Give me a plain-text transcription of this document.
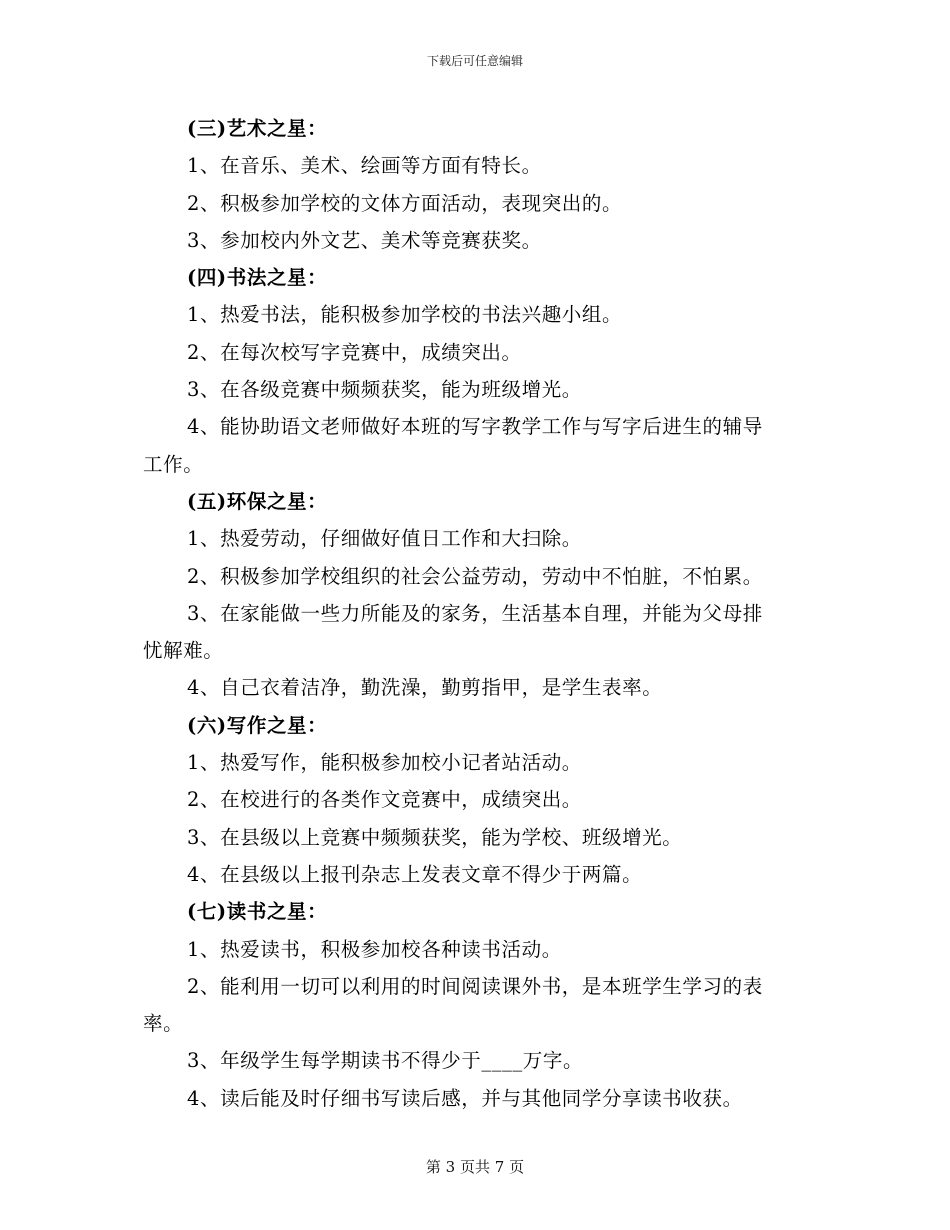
下载后可任意编辑
(三)艺术之星：
1、在音乐、美术、绘画等方面有特长。
2、积极参加学校的文体方面活动，表现突出的。
3、参加校内外文艺、美术等竞赛获奖。
(四)书法之星：
1、热爱书法，能积极参加学校的书法兴趣小组。
2、在每次校写字竞赛中，成绩突出。
3、在各级竞赛中频频获奖，能为班级增光。
4、能协助语文老师做好本班的写字教学工作与写字后进生的辅导
工作。
(五)环保之星：
1、热爱劳动，仔细做好值日工作和大扫除。
2、积极参加学校组织的社会公益劳动，劳动中不怕脏，不怕累。
3、在家能做一些力所能及的家务，生活基本自理，并能为父母排
忧解难。
4、自己衣着洁净，勤洗澡，勤剪指甲，是学生表率。
(六)写作之星：
1、热爱写作，能积极参加校小记者站活动。
2、在校进行的各类作文竞赛中，成绩突出。
3、在县级以上竞赛中频频获奖，能为学校、班级增光。
4、在县级以上报刊杂志上发表文章不得少于两篇。
(七)读书之星：
1、热爱读书，积极参加校各种读书活动。
2、能利用一切可以利用的时间阅读课外书，是本班学生学习的表
率。
3、年级学生每学期读书不得少于____万字。
4、读后能及时仔细书写读后感，并与其他同学分享读书收获。
第 3 页共 7 页
